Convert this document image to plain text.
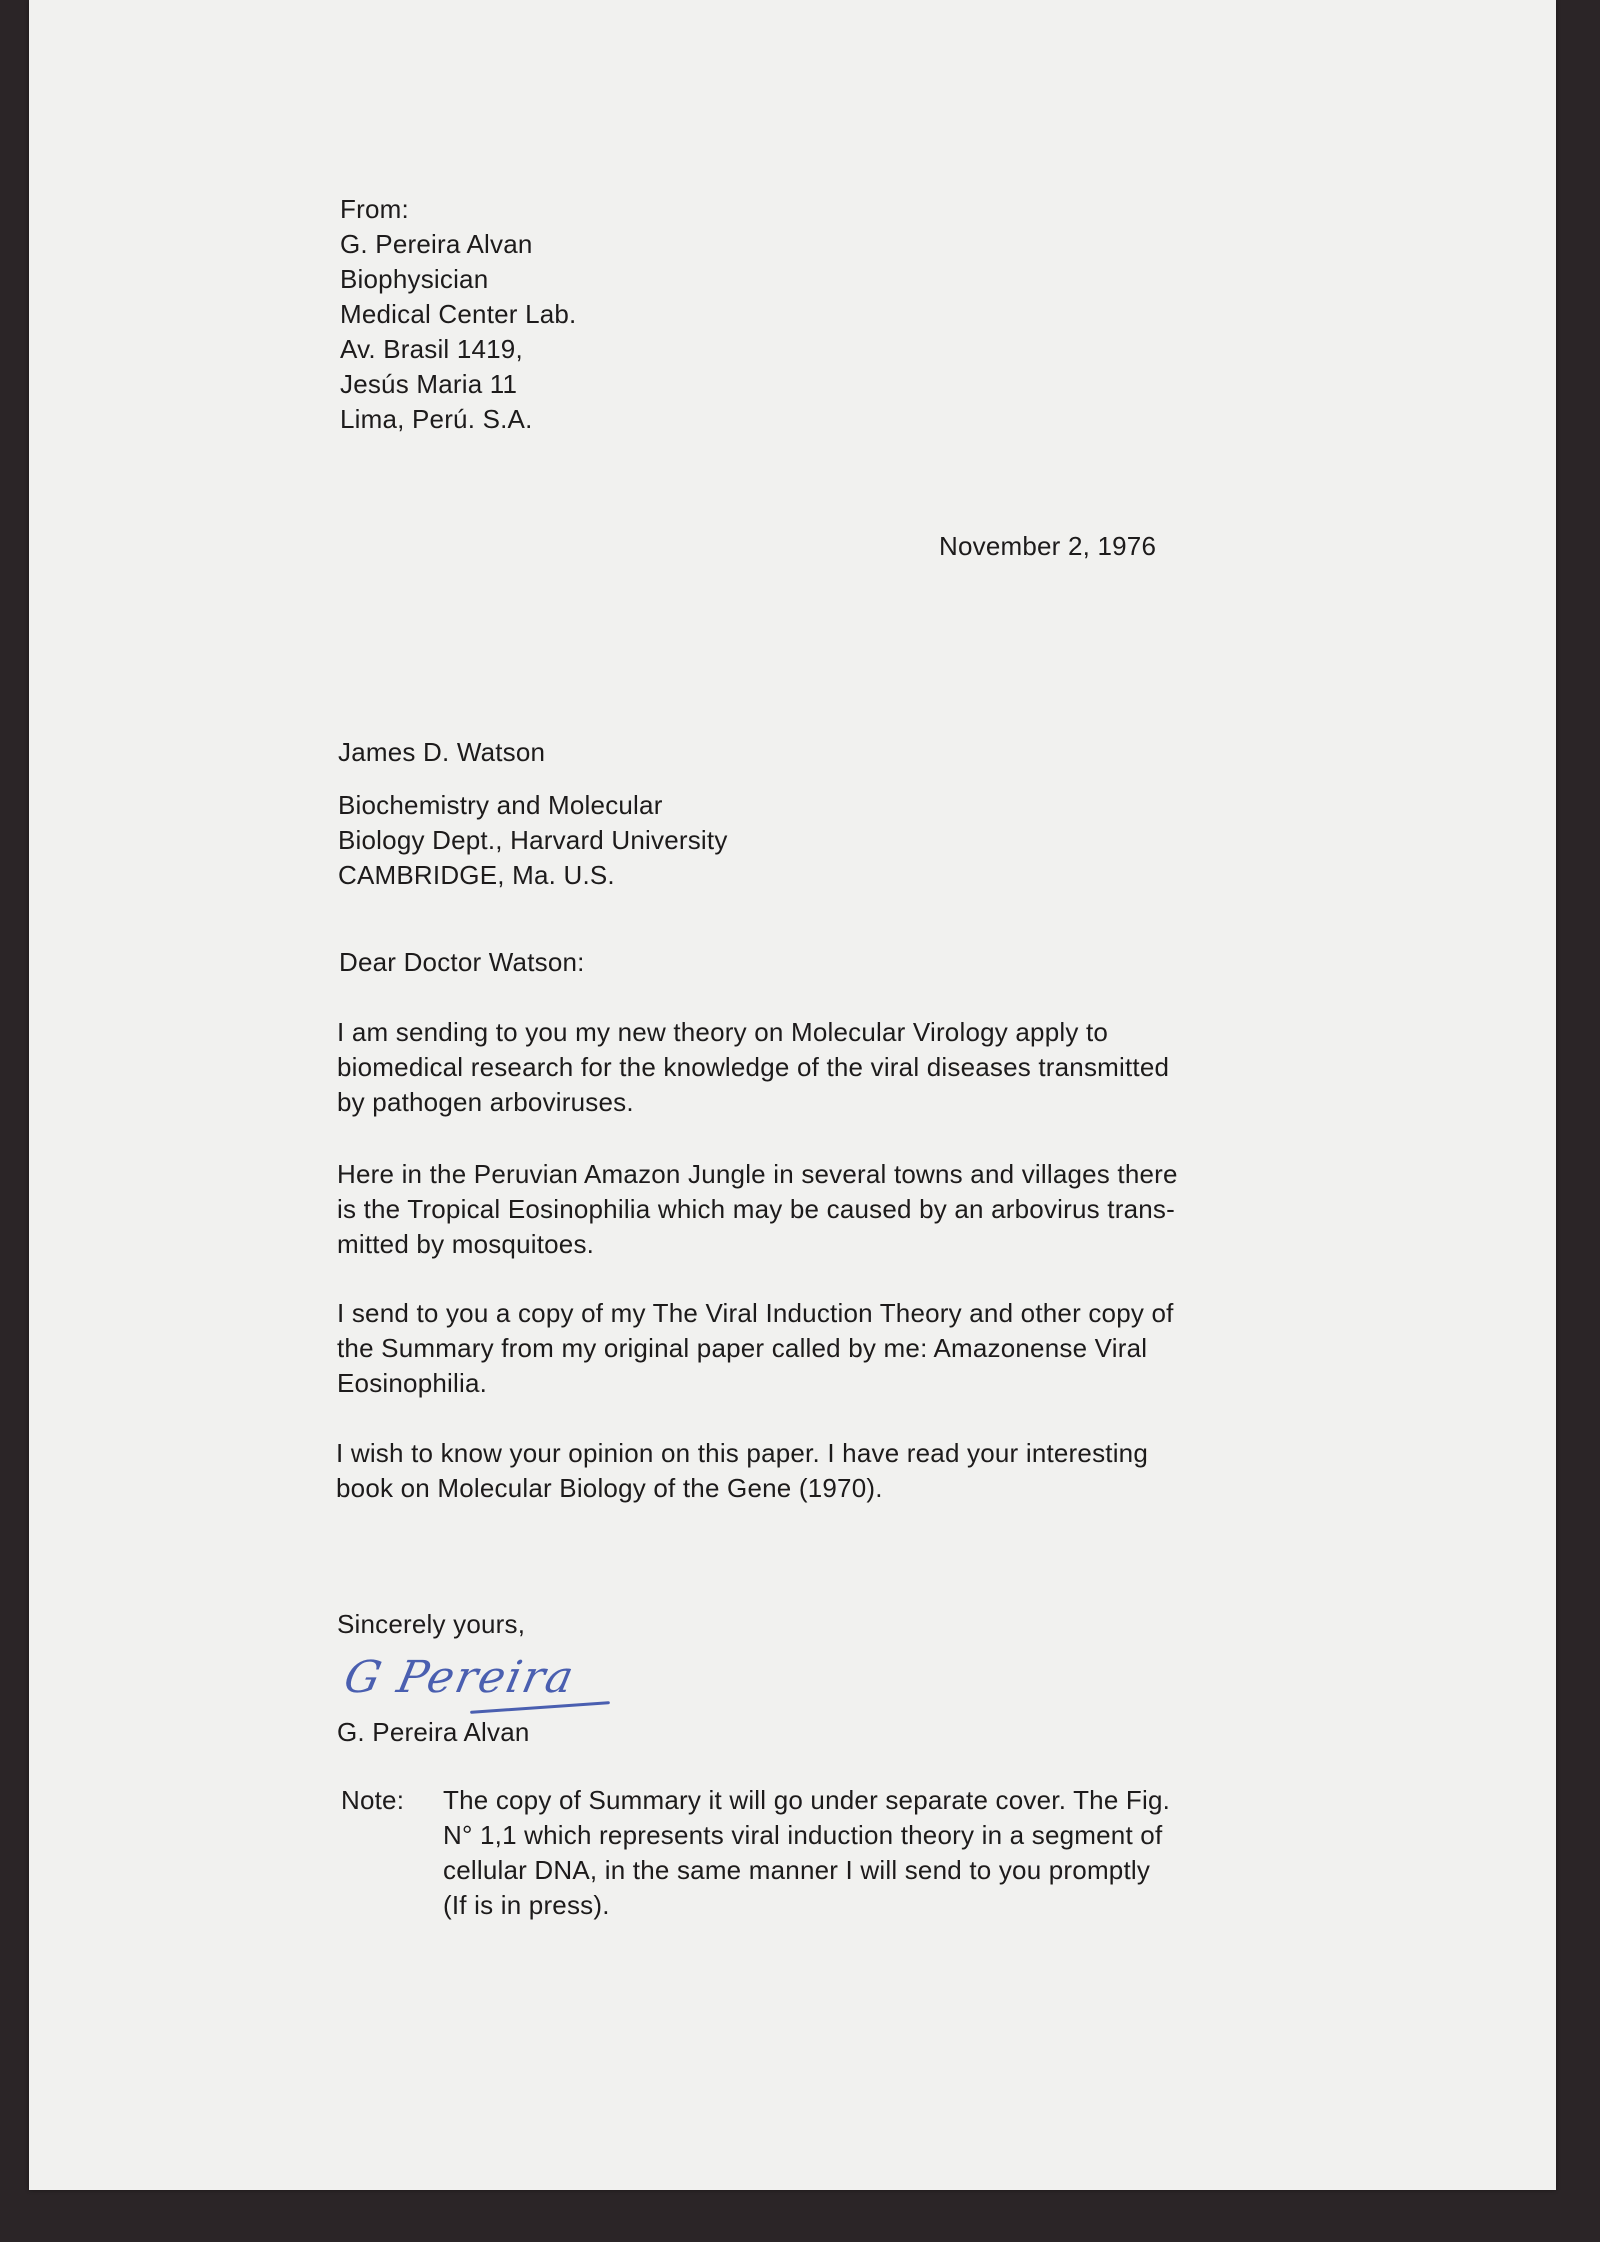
From:
G. Pereira Alvan
Biophysician
Medical Center Lab.
Av. Brasil 1419,
Jesús Maria 11
Lima, Perú. S.A.
November 2, 1976
James D. Watson
Biochemistry and Molecular
Biology Dept., Harvard University
CAMBRIDGE, Ma. U.S.
Dear Doctor Watson:
I am sending to you my new theory on Molecular Virology apply to
biomedical research for the knowledge of the viral diseases transmitted
by pathogen arboviruses.
Here in the Peruvian Amazon Jungle in several towns and villages there
is the Tropical Eosinophilia which may be caused by an arbovirus trans-
mitted by mosquitoes.
I send to you a copy of my The Viral Induction Theory and other copy of
the Summary from my original paper called by me: Amazonense Viral
Eosinophilia.
I wish to know your opinion on this paper. I have read your interesting
book on Molecular Biology of the Gene (1970).
Sincerely yours,
G Pereira
G. Pereira Alvan
Note: The copy of Summary it will go under separate cover. The Fig.
N° 1,1 which represents viral induction theory in a segment of
cellular DNA, in the same manner I will send to you promptly
(If is in press).
